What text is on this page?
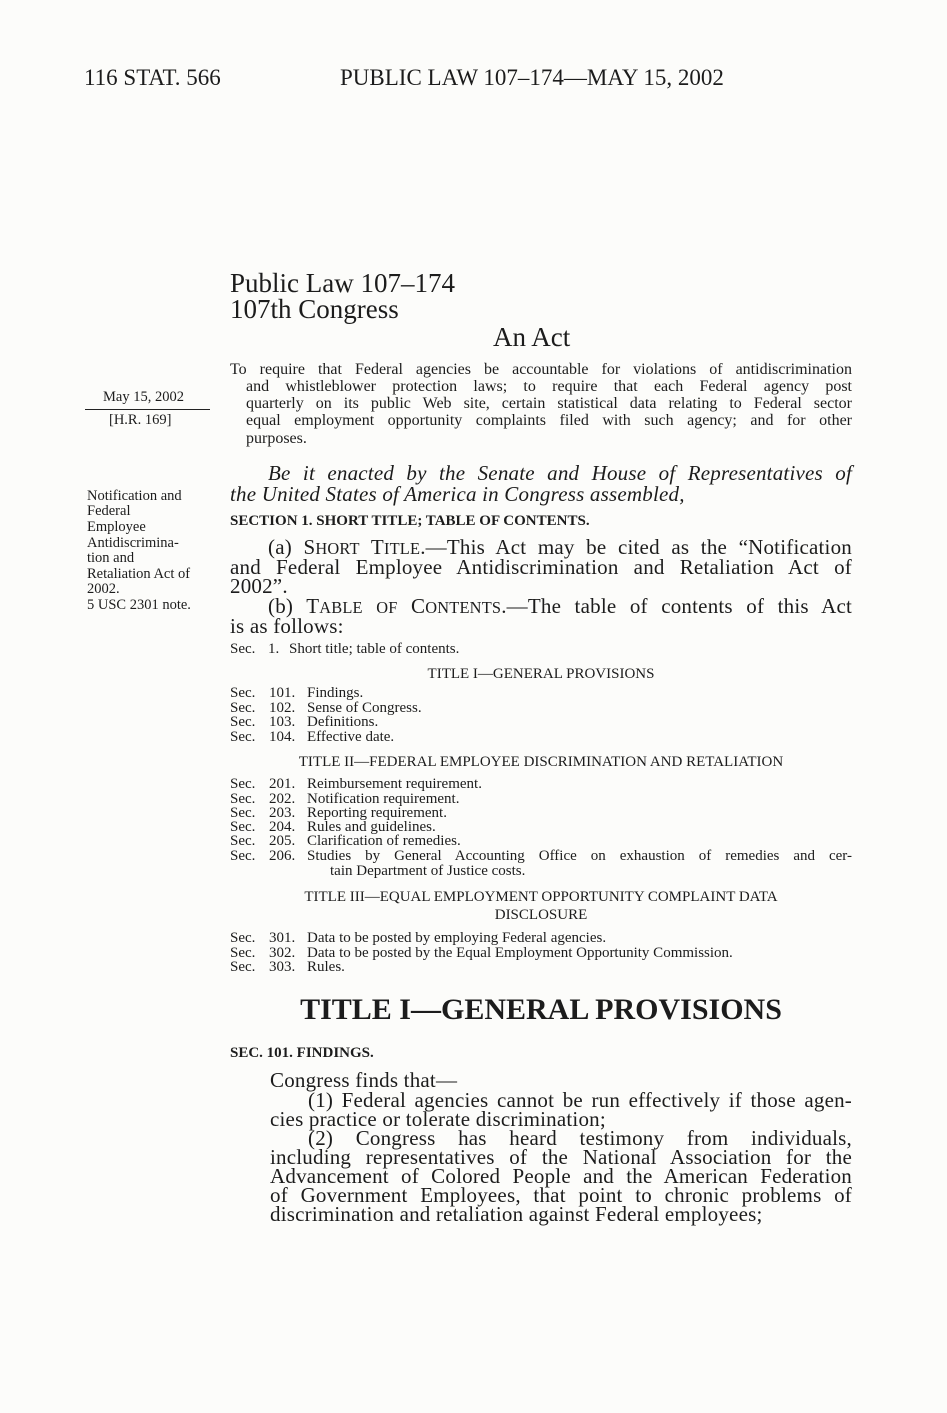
116 STAT. 566	PUBLIC LAW 107–174—MAY 15, 2002
Public Law 107–174
107th Congress
An Act
To require that Federal agencies be accountable for violations of antidiscrimination
and whistleblower protection laws; to require that each Federal agency post
quarterly on its public Web site, certain statistical data relating to Federal sector
equal employment opportunity complaints filed with such agency; and for other
purposes.
May 15, 2002
[H.R. 169]
Notification and
Federal
Employee
Antidiscrimina-
tion and
Retaliation Act of
2002.
5 USC 2301 note.
Be it enacted by the Senate and House of Representatives of
the United States of America in Congress assembled,
SECTION 1. SHORT TITLE; TABLE OF CONTENTS.
(a) SHORT TITLE.—This Act may be cited as the “Notification
and Federal Employee Antidiscrimination and Retaliation Act of
2002”.
(b) TABLE OF CONTENTS.—The table of contents of this Act
is as follows:
Sec. 1. Short title; table of contents.
TITLE I—GENERAL PROVISIONS
Sec. 101. Findings.
Sec. 102. Sense of Congress.
Sec. 103. Definitions.
Sec. 104. Effective date.
TITLE II—FEDERAL EMPLOYEE DISCRIMINATION AND RETALIATION
Sec. 201. Reimbursement requirement.
Sec. 202. Notification requirement.
Sec. 203. Reporting requirement.
Sec. 204. Rules and guidelines.
Sec. 205. Clarification of remedies.
Sec. 206. Studies by General Accounting Office on exhaustion of remedies and cer-
tain Department of Justice costs.
TITLE III—EQUAL EMPLOYMENT OPPORTUNITY COMPLAINT DATA
DISCLOSURE
Sec. 301. Data to be posted by employing Federal agencies.
Sec. 302. Data to be posted by the Equal Employment Opportunity Commission.
Sec. 303. Rules.
TITLE I—GENERAL PROVISIONS
SEC. 101. FINDINGS.
Congress finds that—
(1) Federal agencies cannot be run effectively if those agen-
cies practice or tolerate discrimination;
(2) Congress has heard testimony from individuals,
including representatives of the National Association for the
Advancement of Colored People and the American Federation
of Government Employees, that point to chronic problems of
discrimination and retaliation against Federal employees;
